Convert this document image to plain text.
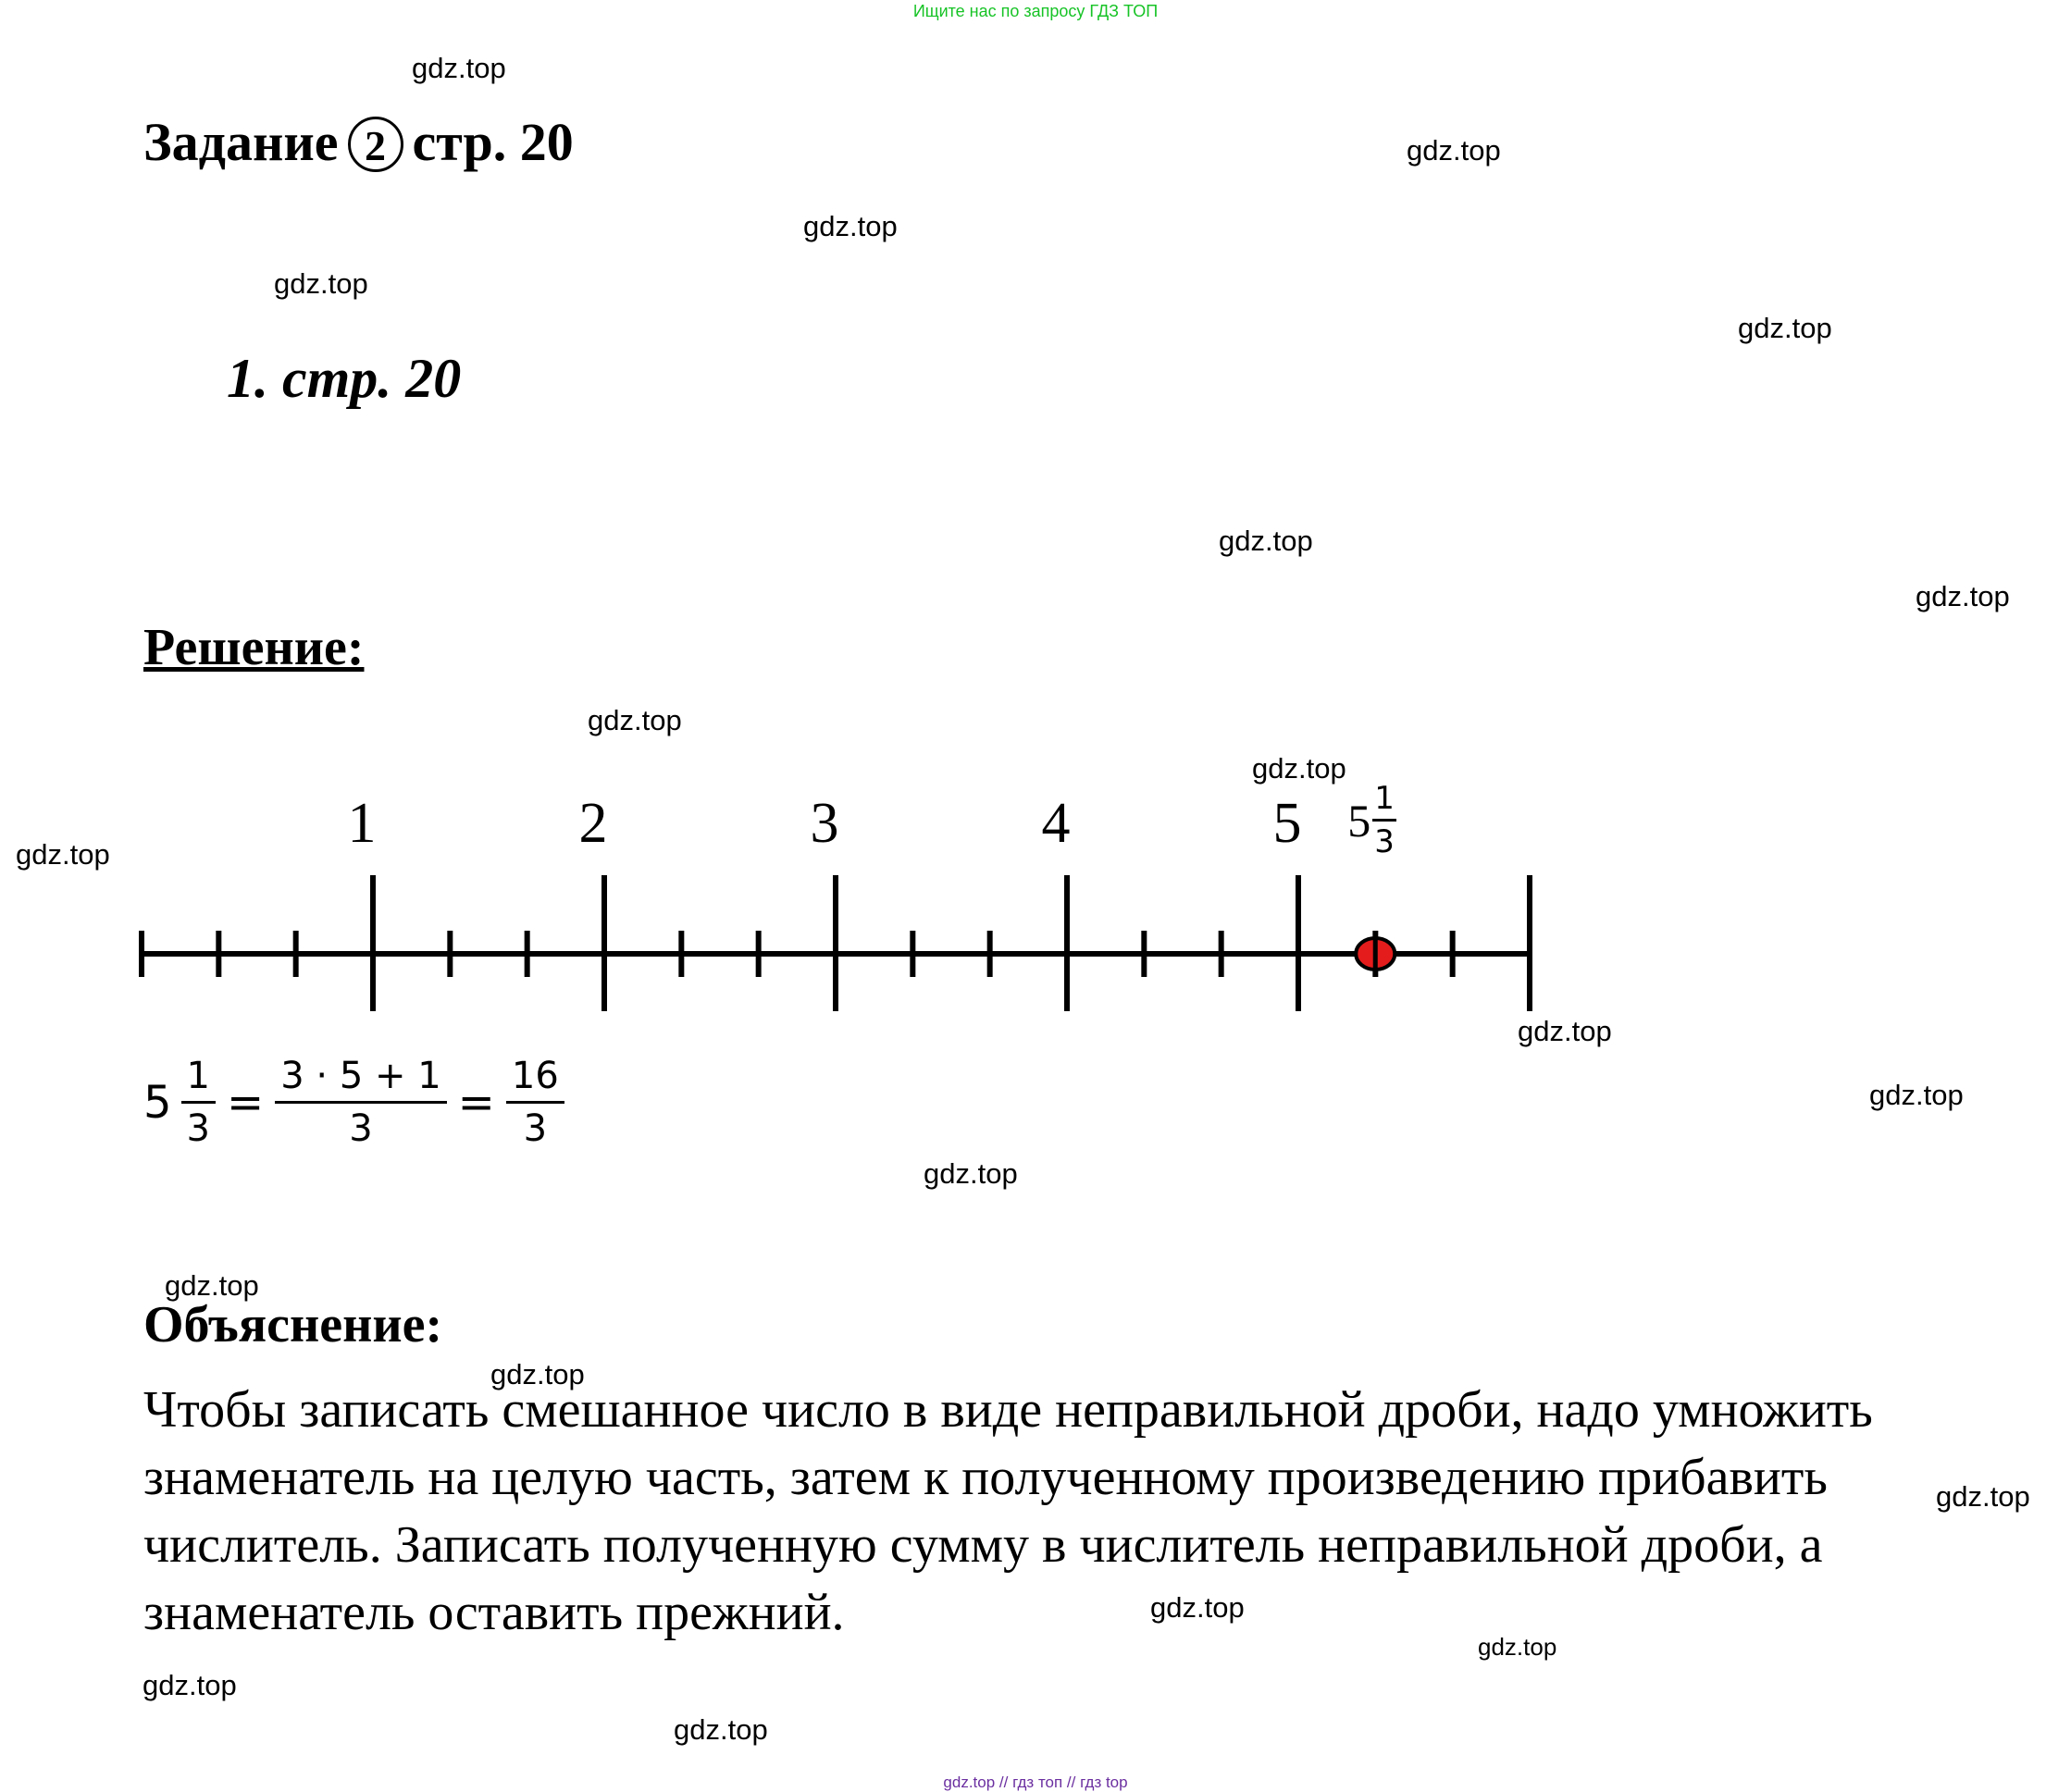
Ищите нас по запросу ГДЗ ТОП
gdz.top
gdz.top
gdz.top
gdz.top
gdz.top
gdz.top
gdz.top
gdz.top
gdz.top
gdz.top
gdz.top
gdz.top
gdz.top
gdz.top
gdz.top
gdz.top
gdz.top
gdz.top
gdz.top
gdz.top
Задание 2 стр. 20
1. стр. 20
Решение:
1	2	3	4	5 $5 \frac{1}{3}$
$5 \frac{1}{3} = \frac{3 \cdot 5 + 1}{3} = \frac{16}{3}$
Объяснение:
Чтобы записать смешанное число в виде неправильной дроби, надо умножить
знаменатель на целую часть, затем к полученному произведению прибавить
числитель. Записать полученную сумму в числитель неправильной дроби, а
знаменатель оставить прежний.
gdz.top // гдз топ // гдз top
